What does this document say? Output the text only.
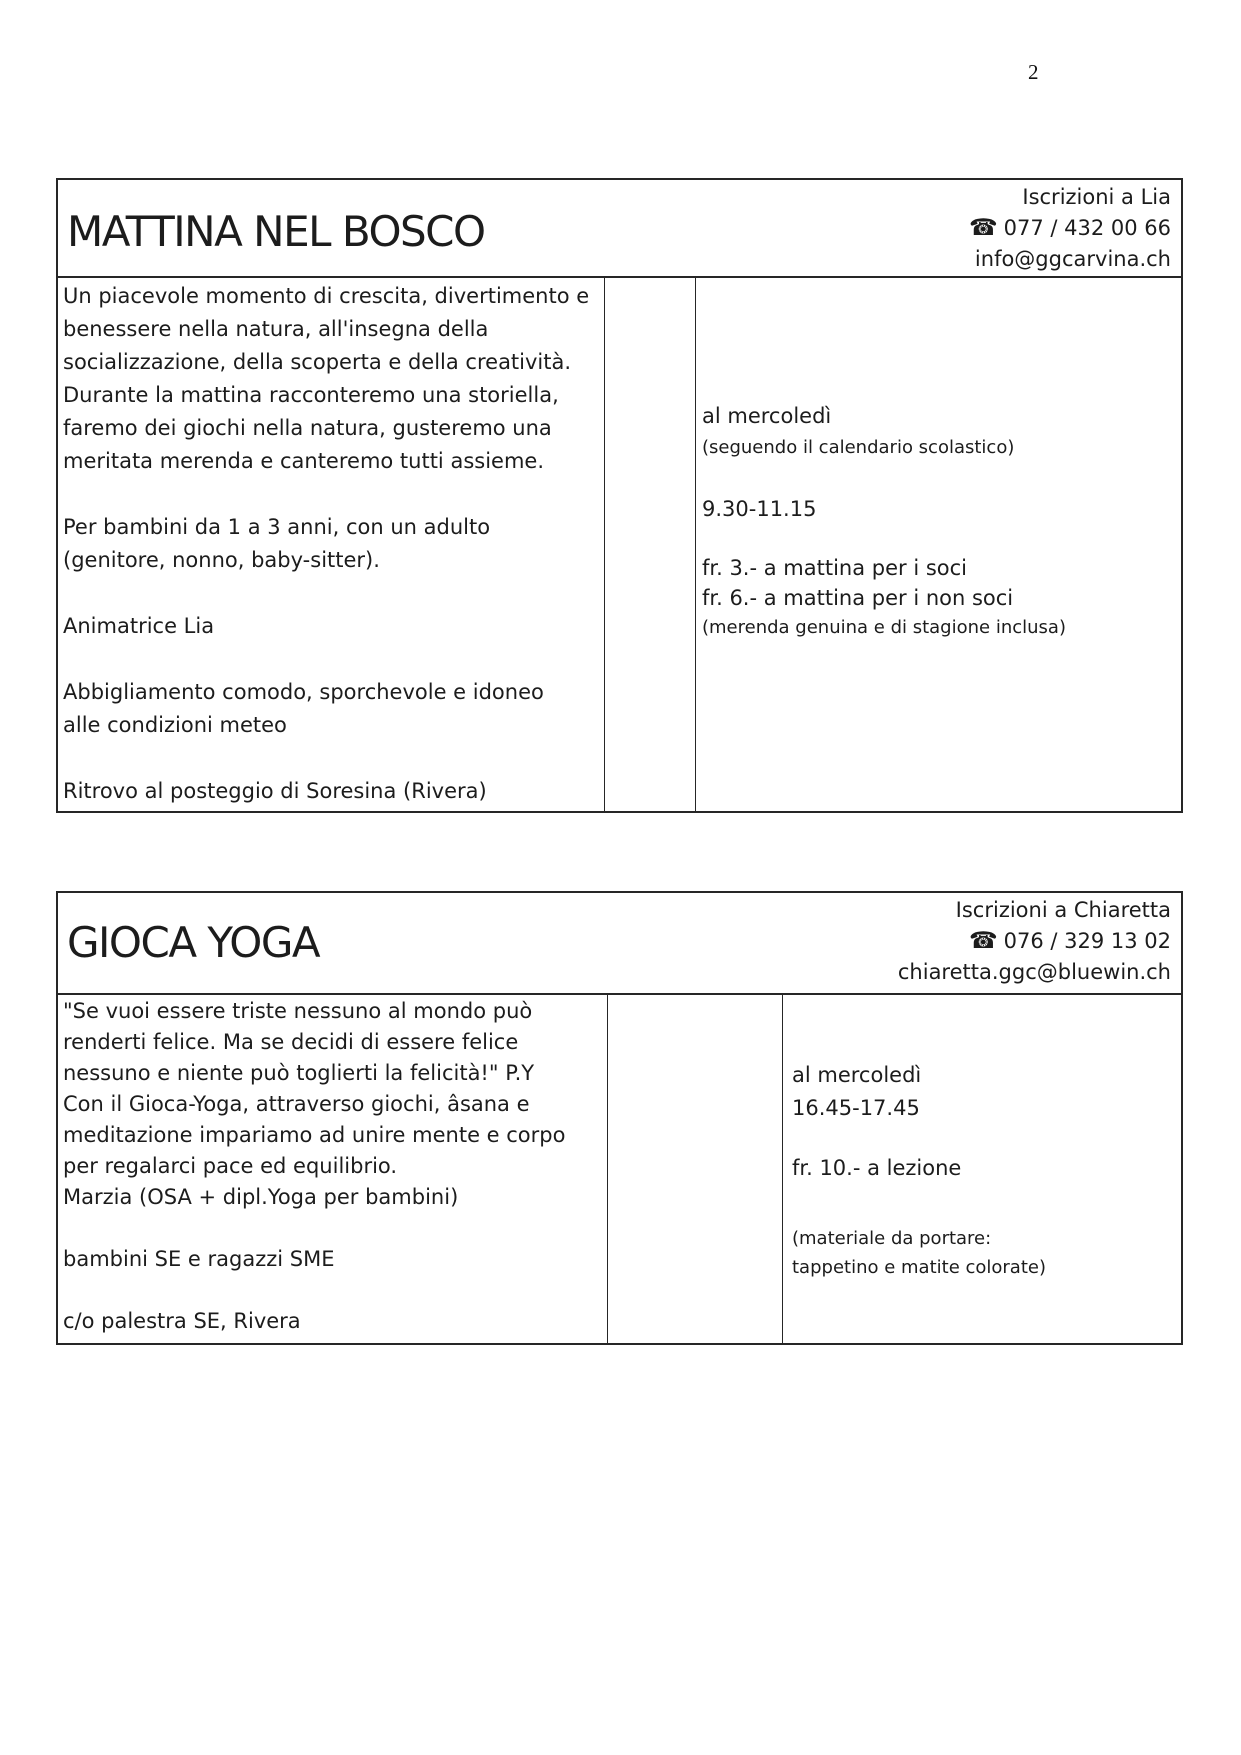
2
MATTINA NEL BOSCO
Iscrizioni a Lia
☎ 077 / 432 00 66
info@ggcarvina.ch
Un piacevole momento di crescita, divertimento e
benessere nella natura, all'insegna della
socializzazione, della scoperta e della creatività.
Durante la mattina racconteremo una storiella,
faremo dei giochi nella natura, gusteremo una
meritata merenda e canteremo tutti assieme.

Per bambini da 1 a 3 anni, con un adulto
(genitore, nonno, baby-sitter).

Animatrice Lia

Abbigliamento comodo, sporchevole e idoneo
alle condizioni meteo

Ritrovo al posteggio di Soresina (Rivera)
al mercoledì
(seguendo il calendario scolastico)
9.30-11.15
fr. 3.- a mattina per i soci
fr. 6.- a mattina per i non soci
(merenda genuina e di stagione inclusa)
GIOCA YOGA
Iscrizioni a Chiaretta
☎ 076 / 329 13 02
chiaretta.ggc@bluewin.ch
"Se vuoi essere triste nessuno al mondo può
renderti felice. Ma se decidi di essere felice
nessuno e niente può toglierti la felicità!" P.Y
Con il Gioca-Yoga, attraverso giochi, âsana e
meditazione impariamo ad unire mente e corpo
per regalarci pace ed equilibrio.
Marzia (OSA + dipl.Yoga per bambini)

bambini SE e ragazzi SME

c/o palestra SE, Rivera
al mercoledì
16.45-17.45
fr. 10.- a lezione
(materiale da portare:
tappetino e matite colorate)
